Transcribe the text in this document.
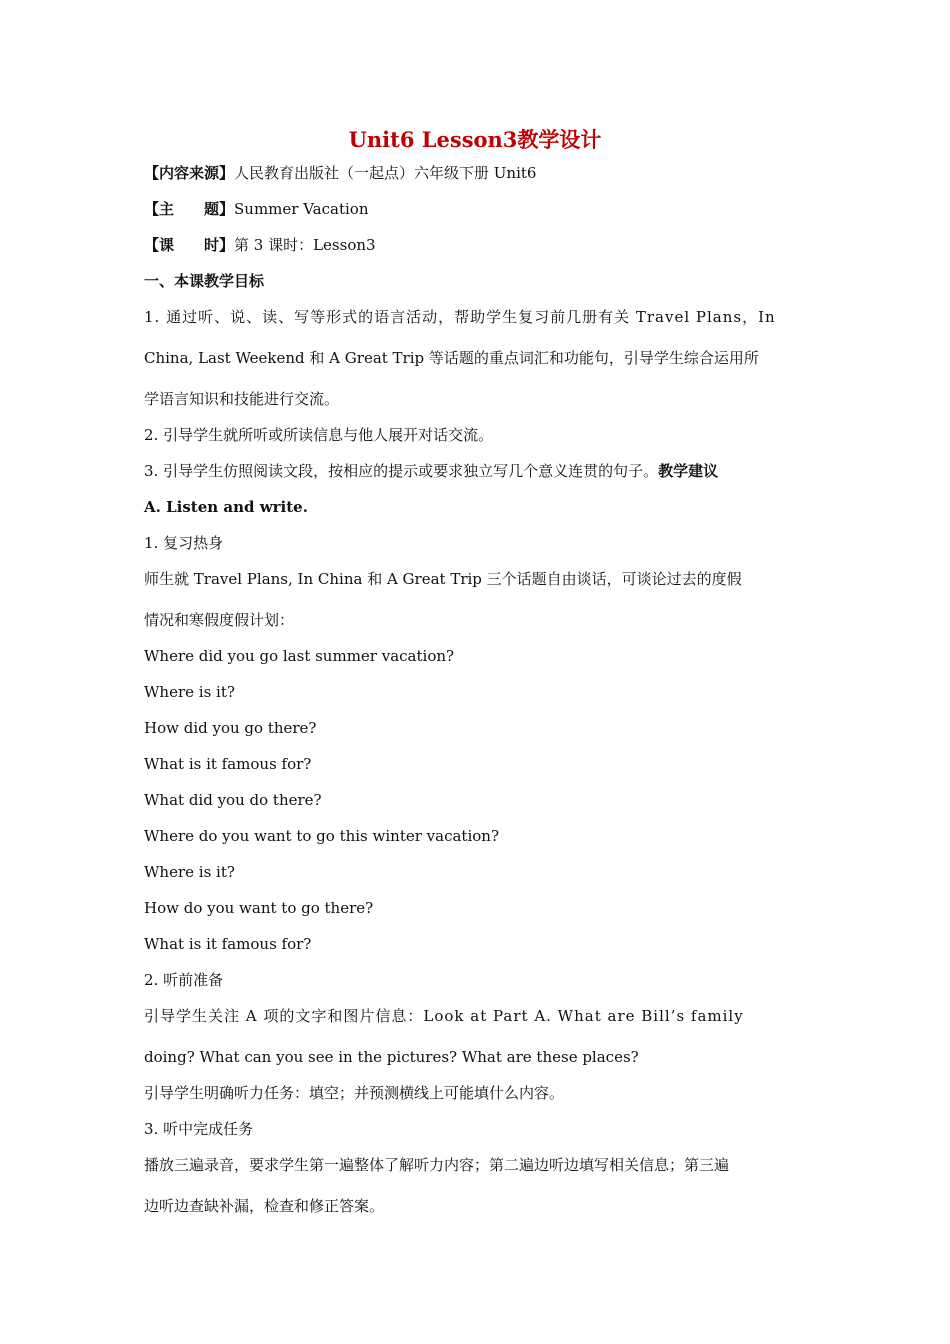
Unit6 Lesson3教学设计

【内容来源】人民教育出版社（一起点）六年级下册 Unit6

【主　　题】Summer Vacation

【课　　时】第 3 课时：Lesson3

一、本课教学目标

1. 通过听、说、读、写等形式的语言活动，帮助学生复习前几册有关 Travel Plans，In

China, Last Weekend 和 A Great Trip 等话题的重点词汇和功能句，引导学生综合运用所

学语言知识和技能进行交流。

2. 引导学生就所听或所读信息与他人展开对话交流。

3. 引导学生仿照阅读文段，按相应的提示或要求独立写几个意义连贯的句子。教学建议

A. Listen and write.

1. 复习热身

师生就 Travel Plans, In China 和 A Great Trip 三个话题自由谈话，可谈论过去的度假

情况和寒假度假计划：

Where did you go last summer vacation?

Where is it?

How did you go there?

What is it famous for?

What did you do there?

Where do you want to go this winter vacation?

Where is it?

How do you want to go there?

What is it famous for?

2. 听前准备

引导学生关注 A 项的文字和图片信息：Look at Part A. What are Bill’s family

doing? What can you see in the pictures? What are these places?

引导学生明确听力任务：填空；并预测横线上可能填什么内容。

3. 听中完成任务

播放三遍录音，要求学生第一遍整体了解听力内容；第二遍边听边填写相关信息；第三遍

边听边查缺补漏，检查和修正答案。
